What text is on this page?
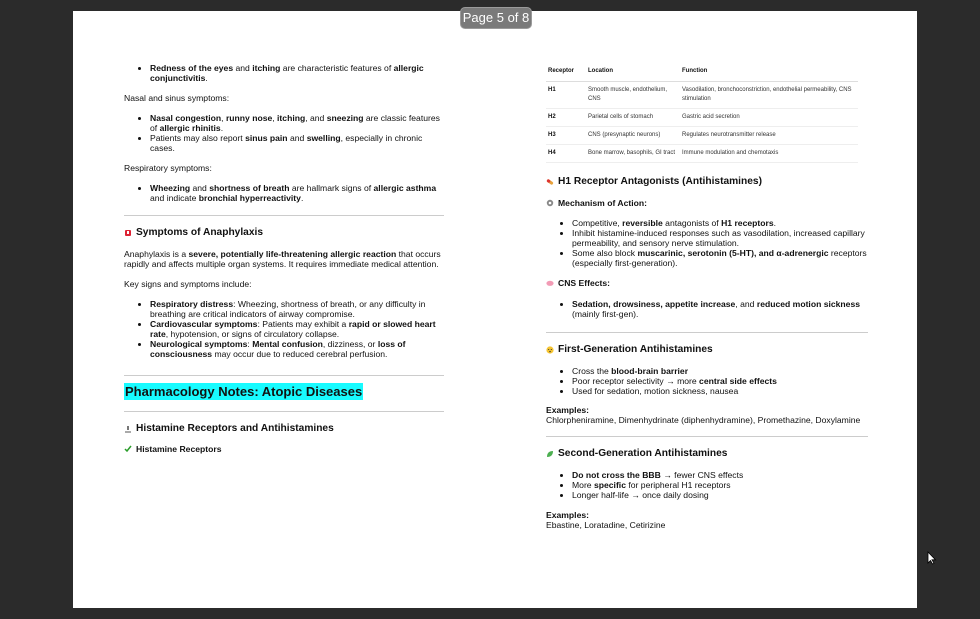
Page 5 of 8
• Redness of the eyes and itching are characteristic features of allergic conjunctivitis.

Nasal and sinus symptoms:

• Nasal congestion, runny nose, itching, and sneezing are classic features of allergic rhinitis.
• Patients may also report sinus pain and swelling, especially in chronic cases.

Respiratory symptoms:

• Wheezing and shortness of breath are hallmark signs of allergic asthma and indicate bronchial hyperreactivity.
Symptoms of Anaphylaxis

Anaphylaxis is a severe, potentially life-threatening allergic reaction that occurs rapidly and affects multiple organ systems. It requires immediate medical attention.

Key signs and symptoms include:

• Respiratory distress: Wheezing, shortness of breath, or any difficulty in breathing are critical indicators of airway compromise.
• Cardiovascular symptoms: Patients may exhibit a rapid or slowed heart rate, hypotension, or signs of circulatory collapse.
• Neurological symptoms: Mental confusion, dizziness, or loss of consciousness may occur due to reduced cerebral perfusion.
Pharmacology Notes: Atopic Diseases
Histamine Receptors and Antihistamines
Histamine Receptors
Receptor	Location	Function
H1	Smooth muscle, endothelium, CNS	Vasodilation, bronchoconstriction, endothelial permeability, CNS stimulation
H2	Parietal cells of stomach	Gastric acid secretion
H3	CNS (presynaptic neurons)	Regulates neurotransmitter release
H4	Bone marrow, basophils, GI tract	Immune modulation and chemotaxis
H1 Receptor Antagonists (Antihistamines)
Mechanism of Action:
• Competitive, reversible antagonists of H1 receptors.
• Inhibit histamine-induced responses such as vasodilation, increased capillary permeability, and sensory nerve stimulation.
• Some also block muscarinic, serotonin (5-HT), and α-adrenergic receptors (especially first-generation).
CNS Effects:
• Sedation, drowsiness, appetite increase, and reduced motion sickness (mainly first-gen).
First-Generation Antihistamines
• Cross the blood-brain barrier
• Poor receptor selectivity → more central side effects
• Used for sedation, motion sickness, nausea

Examples:

Chlorpheniramine, Dimenhydrinate (diphenhydramine), Promethazine, Doxylamine

Second-Generation Antihistamines
• Do not cross the BBB → fewer CNS effects
• More specific for peripheral H1 receptors
• Longer half-life → once daily dosing

Examples:

Ebastine, Loratadine, Cetirizine
